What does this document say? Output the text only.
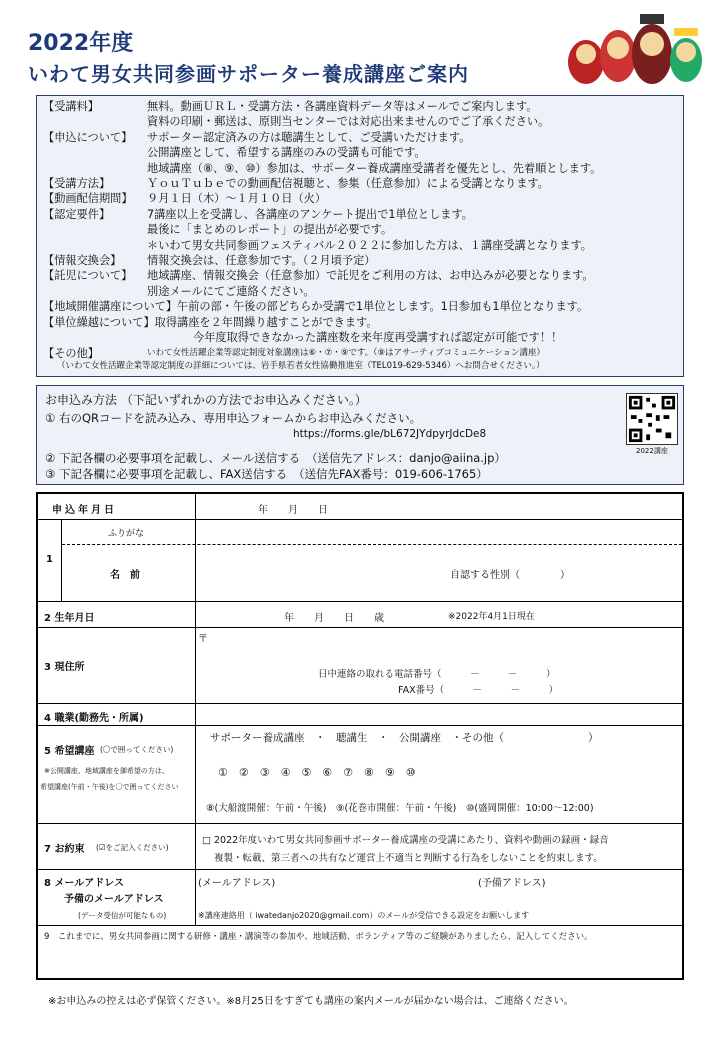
2022年度
いわて男女共同参画サポーター養成講座ご案内
【受講料】	無料。動画ＵＲＬ・受講方法・各講座資料データ等はメールでご案内します。
資料の印刷・郵送は、原則当センターでは対応出来ませんのでご了承ください。
【申込について】	サポーター認定済みの方は聴講生として、ご受講いただけます。
公開講座として、希望する講座のみの受講も可能です。
地域講座（⑧、⑨、⑩）参加は、サポーター養成講座受講者を優先とし、先着順とします。
【受講方法】	ＹｏｕＴｕｂｅでの動画配信視聴と、参集（任意参加）による受講となります。
【動画配信期間】	９月１日（木）～１月１０日（火）
【認定要件】	7講座以上を受講し、各講座のアンケート提出で1単位とします。
最後に「まとめのレポート」の提出が必要です。
＊いわて男女共同参画フェスティバル２０２２に参加した方は、１講座受講となります。
【情報交換会】	情報交換会は、任意参加です。（２月頃予定）
【託児について】	地域講座、情報交換会（任意参加）で託児をご利用の方は、お申込みが必要となります。
別途メールにてご連絡ください。
【地域開催講座について】 午前の部・午後の部どちらか受講で1単位とします。1日参加も1単位となります。
【単位繰越について】 取得講座を２年間繰り越すことができます。
今年度取得できなかった講座数を来年度再受講すれば認定が可能です！！
【その他】	いわて女性活躍企業等認定制度対象講座は⑥・⑦・⑨です。（⑨はアサーティブコミュニケーション講座）
（いわて女性活躍企業等認定制度の詳細については、岩手県若者女性協働推進室（TEL019-629-5346）へお問合せください。）
お申込み方法 （下記いずれかの方法でお申込みください。）
① 右のQRコードを読み込み、専用申込フォームからお申込みください。
https://forms.gle/bL672JYdpyrJdcDe8
② 下記各欄の必要事項を記載し、メール送信する　 （送信先アドレス：danjo@aiina.jp）
③ 下記各欄に必要事項を記載し、FAX送信する　 （送信先FAX番号：019-606-1765）
2022講座
申込年月日	年　　月　　日
1
ふりがな
名　前	自認する性別（　　　　）
2 生年月日	年　　月　　日　　歳	※2022年4月1日現在
3 現住所
〒
日中連絡の取れる電話番号（　　　－　　　－　　　）
FAX番号（　　　－　　　－　　　）
4 職業(勤務先・所属)
5 希望講座 (〇で囲ってください)
※公開講座、地域講座を御希望の方は、
希望講座(午前・午後)を〇で囲ってください
サポーター養成講座　・　聴講生　・　公開講座　・その他（　　　　　　　　）
①　②　③　④　⑤　⑥　⑦　⑧　⑨　⑩
⑧(大船渡開催：午前・午後)　⑨(花巻市開催：午前・午後)　⑩(盛岡開催：10:00～12:00)
7 お約束 (☑をご記入ください)
□ 2022年度いわて男女共同参画サポーター養成講座の受講にあたり、資料や動画の録画・録音
複製・転載、第三者への共有など運営上不適当と判断する行為をしないことを約束します。
8 メールアドレス
予備のメールアドレス
(データ受信が可能なもの)
(メールアドレス)	(予備アドレス)
※講座連絡用（ iwatedanjo2020@gmail.com）のメールが受信できる設定をお願いします
9　これまでに、男女共同参画に関する研修・講座・講演等の参加や、地域活動、ボランティア等のご経験がありましたら、記入してください。
※お申込みの控えは必ず保管ください。※8月25日をすぎても講座の案内メールが届かない場合は、ご連絡ください。
